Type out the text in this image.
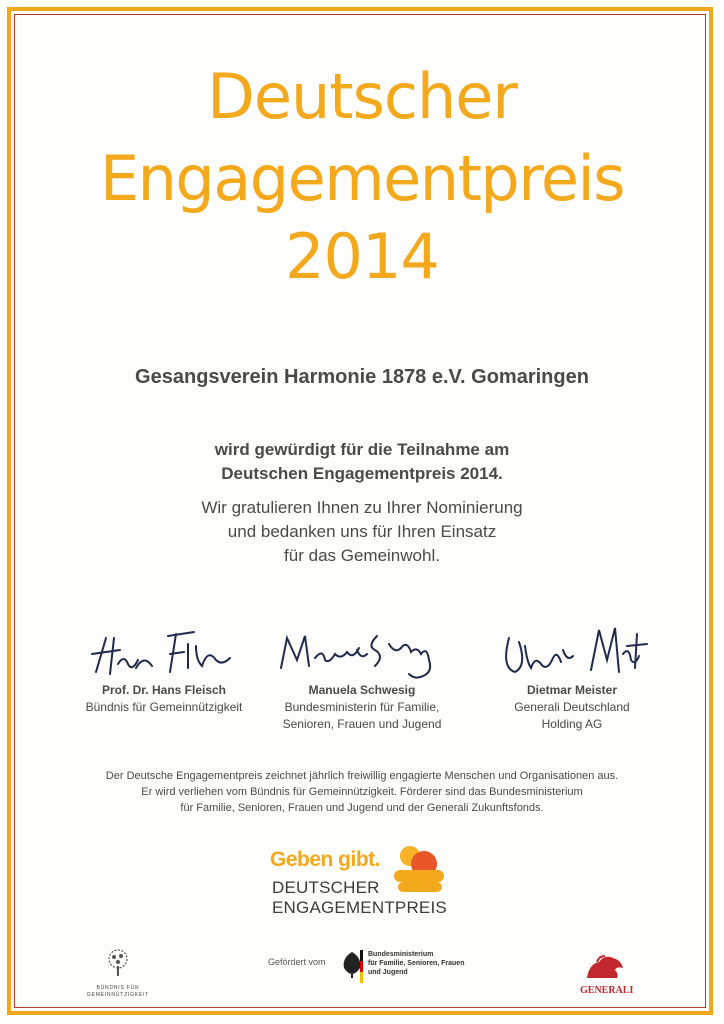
Deutscher
Engagementpreis
2014
Gesangsverein Harmonie 1878 e.V. Gomaringen
wird gewürdigt für die Teilnahme am
Deutschen Engagementpreis 2014.
Wir gratulieren Ihnen zu Ihrer Nominierung
und bedanken uns für Ihren Einsatz
für das Gemeinwohl.
Prof. Dr. Hans Fleisch
Bündnis für Gemeinnützigkeit
Manuela Schwesig
Bundesministerin für Familie,
Senioren, Frauen und Jugend
Dietmar Meister
Generali Deutschland
Holding AG
Der Deutsche Engagementpreis zeichnet jährlich freiwillig engagierte Menschen und Organisationen aus.
Er wird verliehen vom Bündnis für Gemeinnützigkeit. Förderer sind das Bundesministerium
für Familie, Senioren, Frauen und Jugend und der Generali Zukunftsfonds.
Geben gibt.
DEUTSCHER
ENGAGEMENTPREIS
BÜNDNIS FÜR
GEMEINNÜTZIGKEIT
Gefördert vom
Bundesministerium
für Familie, Senioren, Frauen
und Jugend
GENERALI
